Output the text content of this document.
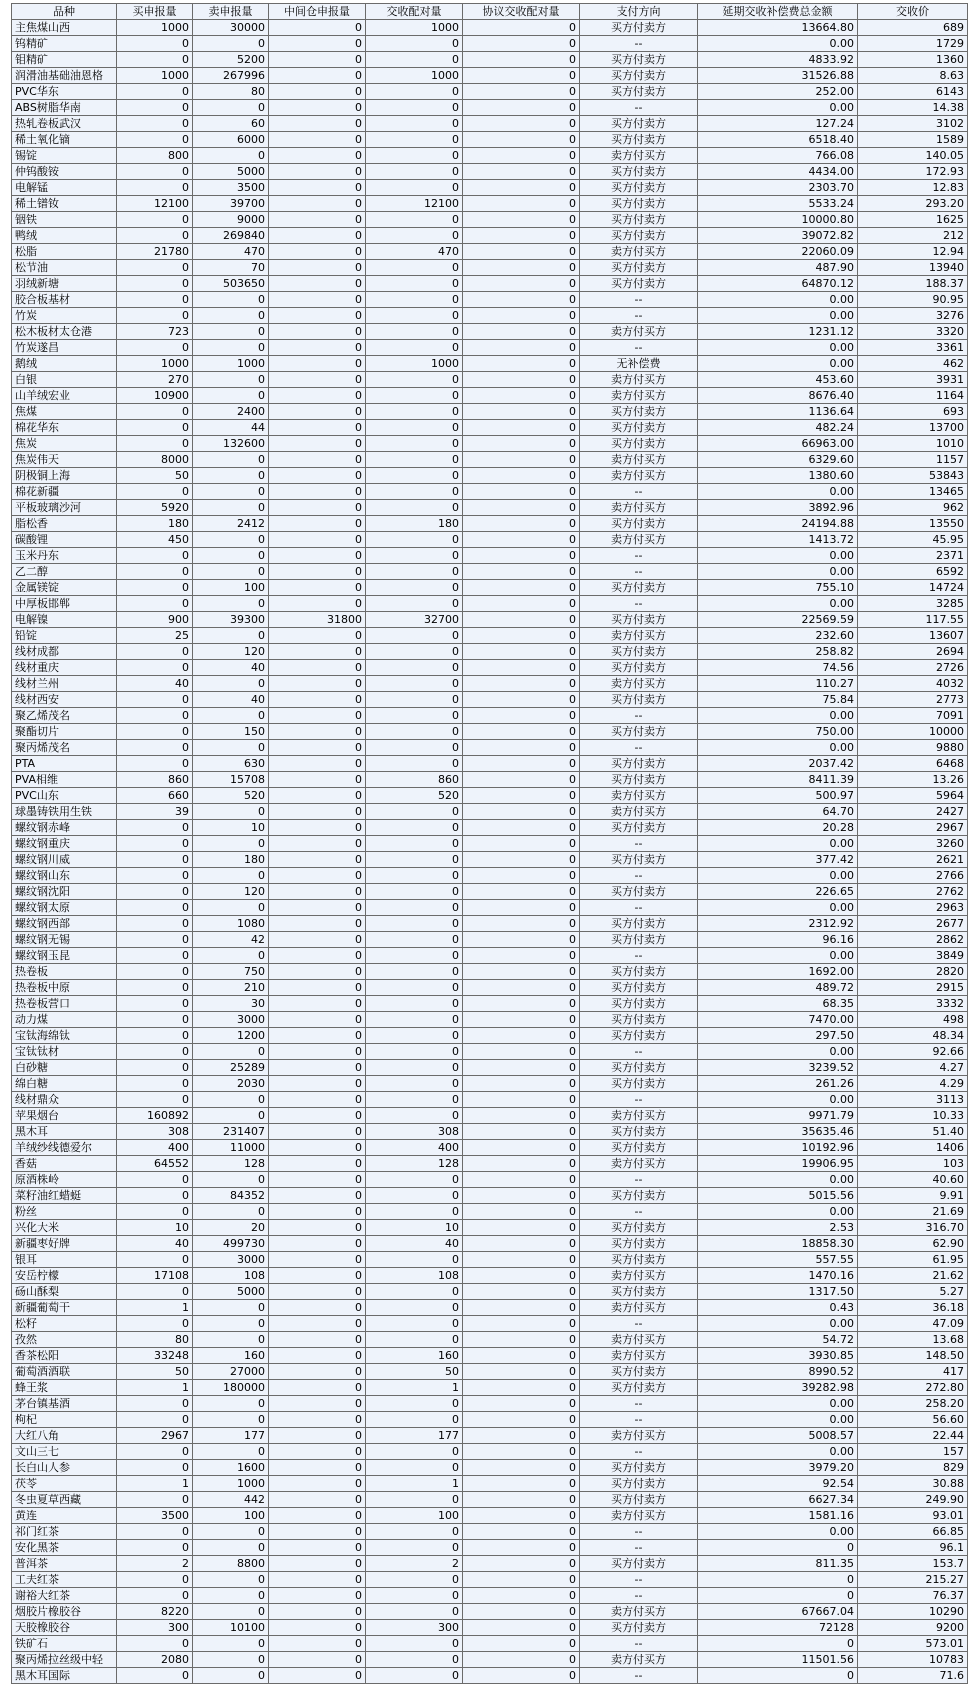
品种	买申报量	卖申报量	中间仓申报量	交收配对量	协议交收配对量	支付方向	延期交收补偿费总金额	交收价
主焦煤山西	1000	30000	0	1000	0	买方付卖方	13664.80	689
钨精矿	0	0	0	0	0	--	0.00	1729
钼精矿	0	5200	0	0	0	买方付卖方	4833.92	1360
润滑油基础油恩格	1000	267996	0	1000	0	买方付卖方	31526.88	8.63
PVC华东	0	80	0	0	0	买方付卖方	252.00	6143
ABS树脂华南	0	0	0	0	0	--	0.00	14.38
热轧卷板武汉	0	60	0	0	0	买方付卖方	127.24	3102
稀土氧化镝	0	6000	0	0	0	买方付卖方	6518.40	1589
锡锭	800	0	0	0	0	卖方付买方	766.08	140.05
仲钨酸铵	0	5000	0	0	0	买方付卖方	4434.00	172.93
电解锰	0	3500	0	0	0	买方付卖方	2303.70	12.83
稀土镨钕	12100	39700	0	12100	0	买方付卖方	5533.24	293.20
铟铁	0	9000	0	0	0	买方付卖方	10000.80	1625
鸭绒	0	269840	0	0	0	买方付卖方	39072.82	212
松脂	21780	470	0	470	0	卖方付买方	22060.09	12.94
松节油	0	70	0	0	0	买方付卖方	487.90	13940
羽绒新塘	0	503650	0	0	0	买方付卖方	64870.12	188.37
胶合板基材	0	0	0	0	0	--	0.00	90.95
竹炭	0	0	0	0	0	--	0.00	3276
松木板材太仓港	723	0	0	0	0	卖方付买方	1231.12	3320
竹炭遂昌	0	0	0	0	0	--	0.00	3361
鹅绒	1000	1000	0	1000	0	无补偿费	0.00	462
白银	270	0	0	0	0	卖方付买方	453.60	3931
山羊绒宏业	10900	0	0	0	0	卖方付买方	8676.40	1164
焦煤	0	2400	0	0	0	买方付卖方	1136.64	693
棉花华东	0	44	0	0	0	买方付卖方	482.24	13700
焦炭	0	132600	0	0	0	买方付卖方	66963.00	1010
焦炭伟天	8000	0	0	0	0	卖方付买方	6329.60	1157
阴极铜上海	50	0	0	0	0	卖方付买方	1380.60	53843
棉花新疆	0	0	0	0	0	--	0.00	13465
平板玻璃沙河	5920	0	0	0	0	卖方付买方	3892.96	962
脂松香	180	2412	0	180	0	买方付卖方	24194.88	13550
碳酸锂	450	0	0	0	0	卖方付买方	1413.72	45.95
玉米丹东	0	0	0	0	0	--	0.00	2371
乙二醇	0	0	0	0	0	--	0.00	6592
金属镁锭	0	100	0	0	0	买方付卖方	755.10	14724
中厚板邯郸	0	0	0	0	0	--	0.00	3285
电解镍	900	39300	31800	32700	0	买方付卖方	22569.59	117.55
铅锭	25	0	0	0	0	卖方付买方	232.60	13607
线材成都	0	120	0	0	0	买方付卖方	258.82	2694
线材重庆	0	40	0	0	0	买方付卖方	74.56	2726
线材兰州	40	0	0	0	0	卖方付买方	110.27	4032
线材西安	0	40	0	0	0	买方付卖方	75.84	2773
聚乙烯茂名	0	0	0	0	0	--	0.00	7091
聚酯切片	0	150	0	0	0	买方付卖方	750.00	10000
聚丙烯茂名	0	0	0	0	0	--	0.00	9880
PTA	0	630	0	0	0	买方付卖方	2037.42	6468
PVA相维	860	15708	0	860	0	买方付卖方	8411.39	13.26
PVC山东	660	520	0	520	0	卖方付买方	500.97	5964
球墨铸铁用生铁	39	0	0	0	0	卖方付买方	64.70	2427
螺纹钢赤峰	0	10	0	0	0	买方付卖方	20.28	2967
螺纹钢重庆	0	0	0	0	0	--	0.00	3260
螺纹钢川威	0	180	0	0	0	买方付卖方	377.42	2621
螺纹钢山东	0	0	0	0	0	--	0.00	2766
螺纹钢沈阳	0	120	0	0	0	买方付卖方	226.65	2762
螺纹钢太原	0	0	0	0	0	--	0.00	2963
螺纹钢西部	0	1080	0	0	0	买方付卖方	2312.92	2677
螺纹钢无锡	0	42	0	0	0	买方付卖方	96.16	2862
螺纹钢玉昆	0	0	0	0	0	--	0.00	3849
热卷板	0	750	0	0	0	买方付卖方	1692.00	2820
热卷板中原	0	210	0	0	0	买方付卖方	489.72	2915
热卷板营口	0	30	0	0	0	买方付卖方	68.35	3332
动力煤	0	3000	0	0	0	买方付卖方	7470.00	498
宝钛海绵钛	0	1200	0	0	0	买方付卖方	297.50	48.34
宝钛钛材	0	0	0	0	0	--	0.00	92.66
白砂糖	0	25289	0	0	0	买方付卖方	3239.52	4.27
绵白糖	0	2030	0	0	0	买方付卖方	261.26	4.29
线材鼎众	0	0	0	0	0	--	0.00	3113
苹果烟台	160892	0	0	0	0	卖方付买方	9971.79	10.33
黑木耳	308	231407	0	308	0	买方付卖方	35635.46	51.40
羊绒纱线德爱尔	400	11000	0	400	0	买方付卖方	10192.96	1406
香菇	64552	128	0	128	0	卖方付买方	19906.95	103
原酒株岭	0	0	0	0	0	--	0.00	40.60
菜籽油红蜡蜓	0	84352	0	0	0	买方付卖方	5015.56	9.91
粉丝	0	0	0	0	0	--	0.00	21.69
兴化大米	10	20	0	10	0	买方付卖方	2.53	316.70
新疆枣好牌	40	499730	0	40	0	买方付卖方	18858.30	62.90
银耳	0	3000	0	0	0	买方付卖方	557.55	61.95
安岳柠檬	17108	108	0	108	0	卖方付买方	1470.16	21.62
砀山酥梨	0	5000	0	0	0	买方付卖方	1317.50	5.27
新疆葡萄干	1	0	0	0	0	卖方付买方	0.43	36.18
松籽	0	0	0	0	0	--	0.00	47.09
孜然	80	0	0	0	0	卖方付买方	54.72	13.68
香茶松阳	33248	160	0	160	0	卖方付买方	3930.85	148.50
葡萄酒酒联	50	27000	0	50	0	买方付卖方	8990.52	417
蜂王浆	1	180000	0	1	0	买方付卖方	39282.98	272.80
茅台镇基酒	0	0	0	0	0	--	0.00	258.20
枸杞	0	0	0	0	0	--	0.00	56.60
大红八角	2967	177	0	177	0	卖方付买方	5008.57	22.44
文山三七	0	0	0	0	0	--	0.00	157
长白山人参	0	1600	0	0	0	买方付卖方	3979.20	829
茯苓	1	1000	0	1	0	买方付卖方	92.54	30.88
冬虫夏草西藏	0	442	0	0	0	买方付卖方	6627.34	249.90
黄连	3500	100	0	100	0	卖方付买方	1581.16	93.01
祁门红茶	0	0	0	0	0	--	0.00	66.85
安化黑茶	0	0	0	0	0	--	0	96.1
普洱茶	2	8800	0	2	0	买方付卖方	811.35	153.7
工夫红茶	0	0	0	0	0	--	0	215.27
谢裕大红茶	0	0	0	0	0	--	0	76.37
烟胶片橡胶谷	8220	0	0	0	0	卖方付买方	67667.04	10290
天胶橡胶谷	300	10100	0	300	0	买方付卖方	72128	9200
铁矿石	0	0	0	0	0	--	0	573.01
聚丙烯拉丝级中轻	2080	0	0	0	0	卖方付买方	11501.56	10783
黑木耳国际	0	0	0	0	0	--	0	71.6
